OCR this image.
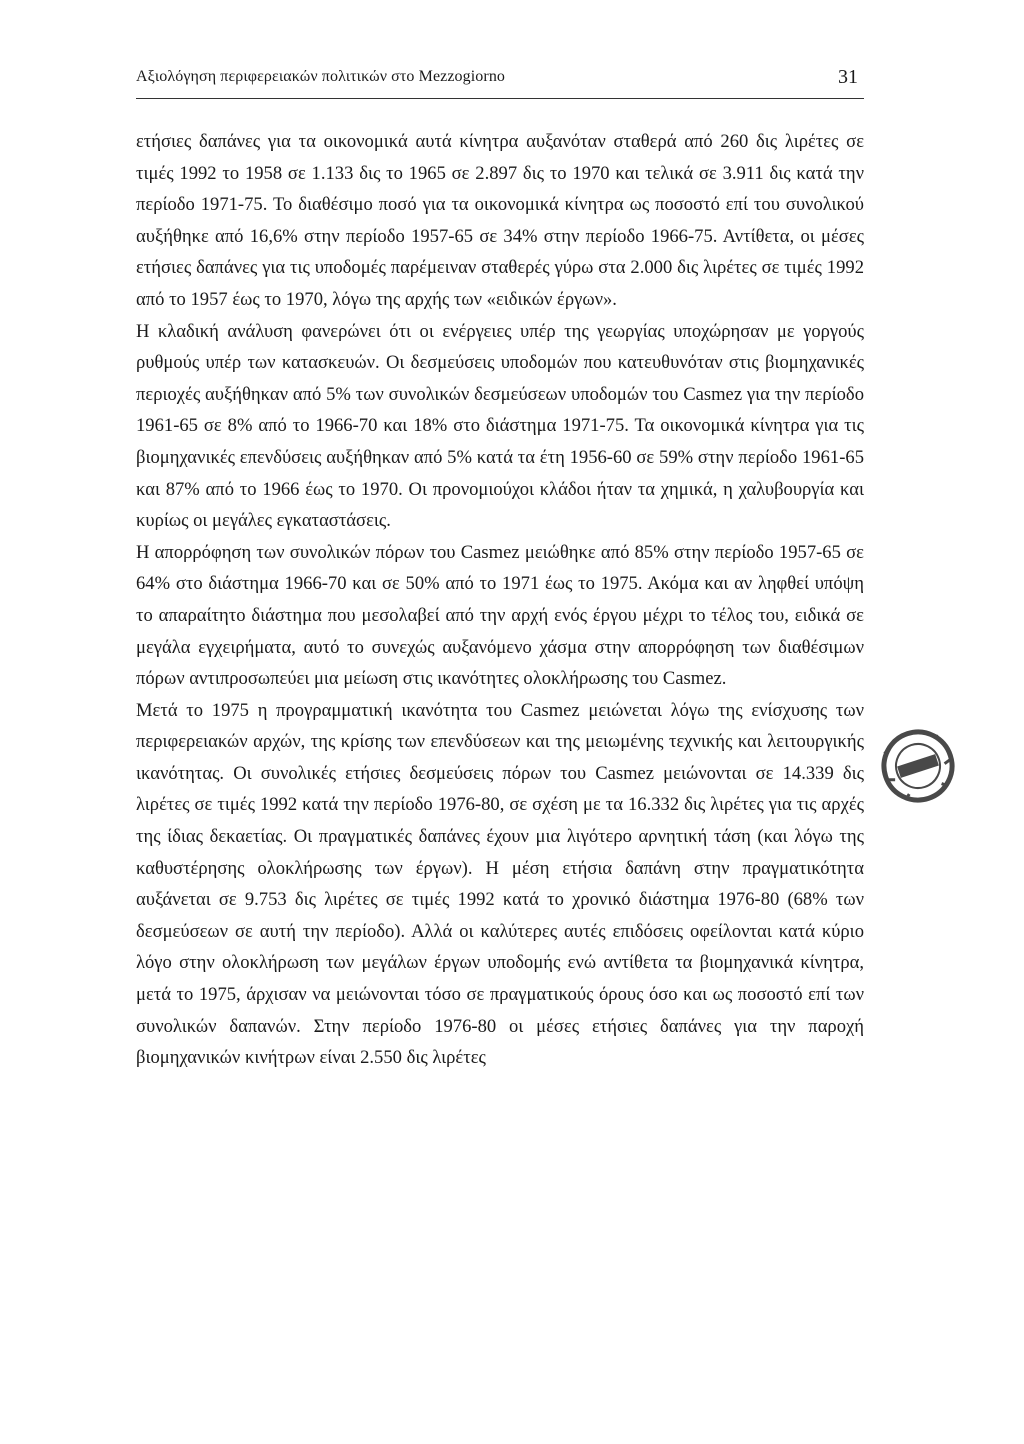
Αξιολόγηση περιφερειακών πολιτικών στο Mezzogiorno	31

ετήσιες δαπάνες για τα οικονομικά αυτά κίνητρα αυξανόταν σταθερά από 260 δις λιρέτες σε τιμές 1992 το 1958 σε 1.133 δις το 1965 σε 2.897 δις το 1970 και τελικά σε 3.911 δις κατά την περίοδο 1971-75. Το διαθέσιμο ποσό για τα οικονομικά κίνητρα ως ποσοστό επί του συνολικού αυξήθηκε από 16,6% στην περίοδο 1957-65 σε 34% στην περίοδο 1966-75. Αντίθετα, οι μέσες ετήσιες δαπάνες για τις υποδομές παρέμειναν σταθερές γύρω στα 2.000 δις λιρέτες σε τιμές 1992 από το 1957 έως το 1970, λόγω της αρχής των «ειδικών έργων».

Η κλαδική ανάλυση φανερώνει ότι οι ενέργειες υπέρ της γεωργίας υποχώρησαν με γοργούς ρυθμούς υπέρ των κατασκευών. Οι δεσμεύσεις υποδομών που κατευθυνόταν στις βιομηχανικές περιοχές αυξήθηκαν από 5% των συνολικών δεσμεύσεων υποδομών του Casmez για την περίοδο 1961-65 σε 8% από το 1966-70 και 18% στο διάστημα 1971-75. Τα οικονομικά κίνητρα για τις βιομηχανικές επενδύσεις αυξήθηκαν από 5% κατά τα έτη 1956-60 σε 59% στην περίοδο 1961-65 και 87% από το 1966 έως το 1970. Οι προνομιούχοι κλάδοι ήταν τα χημικά, η χαλυβουργία και κυρίως οι μεγάλες εγκαταστάσεις.

Η απορρόφηση των συνολικών πόρων του Casmez μειώθηκε από 85% στην περίοδο 1957-65 σε 64% στο διάστημα 1966-70 και σε 50% από το 1971 έως το 1975. Ακόμα και αν ληφθεί υπόψη το απαραίτητο διάστημα που μεσολαβεί από την αρχή ενός έργου μέχρι το τέλος του, ειδικά σε μεγάλα εγχειρήματα, αυτό το συνεχώς αυξανόμενο χάσμα στην απορρόφηση των διαθέσιμων πόρων αντιπροσωπεύει μια μείωση στις ικανότητες ολοκλήρωσης του Casmez.

Μετά το 1975 η προγραμματική ικανότητα του Casmez μειώνεται λόγω της ενίσχυσης των περιφερειακών αρχών, της κρίσης των επενδύσεων και της μειωμένης τεχνικής και λειτουργικής ικανότητας. Οι συνολικές ετήσιες δεσμεύσεις πόρων του Casmez μειώνονται σε 14.339 δις λιρέτες σε τιμές 1992 κατά την περίοδο 1976-80, σε σχέση με τα 16.332 δις λιρέτες για τις αρχές της ίδιας δεκαετίας. Οι πραγματικές δαπάνες έχουν μια λιγότερο αρνητική τάση (και λόγω της καθυστέρησης ολοκλήρωσης των έργων). Η μέση ετήσια δαπάνη στην πραγματικότητα αυξάνεται σε 9.753 δις λιρέτες σε τιμές 1992 κατά το χρονικό διάστημα 1976-80 (68% των δεσμεύσεων σε αυτή την περίοδο). Αλλά οι καλύτερες αυτές επιδόσεις οφείλονται κατά κύριο λόγο στην ολοκλήρωση των μεγάλων έργων υποδομής ενώ αντίθετα τα βιομηχανικά κίνητρα, μετά το 1975, άρχισαν να μειώνονται τόσο σε πραγματικούς όρους όσο και ως ποσοστό επί των συνολικών δαπανών. Στην περίοδο 1976-80 οι μέσες ετήσιες δαπάνες για την παροχή βιομηχανικών κινήτρων είναι 2.550 δις λιρέτες
